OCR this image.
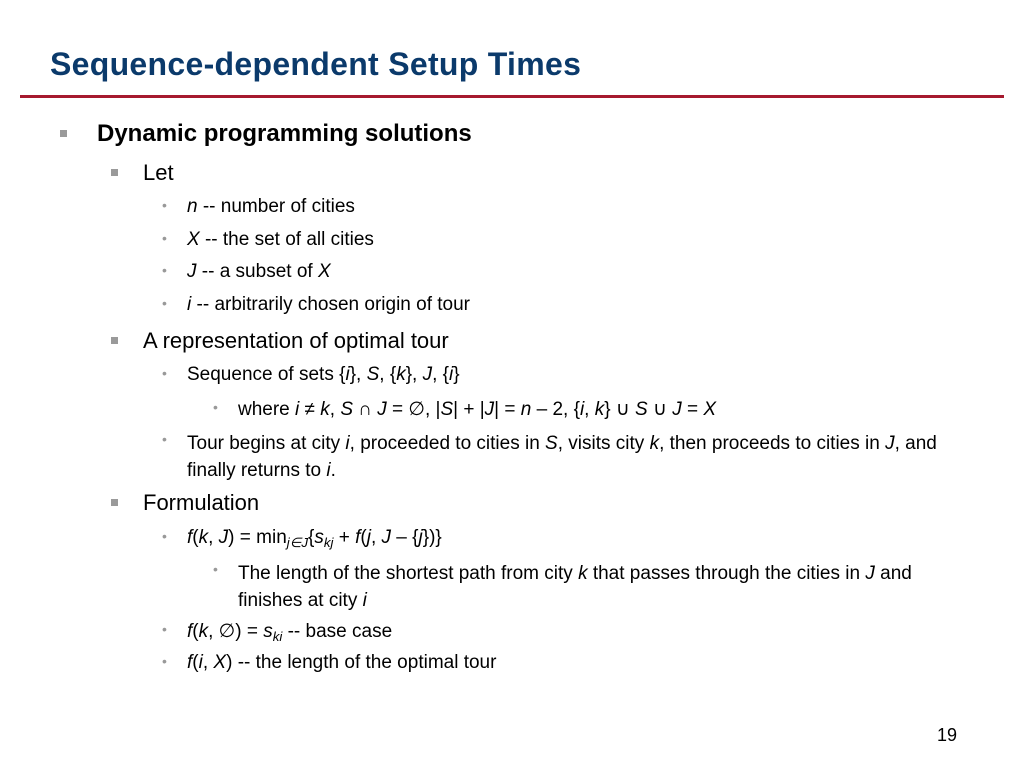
Sequence-dependent Setup Times
Dynamic programming solutions
Let
• n -- number of cities
• X -- the set of all cities
• J -- a subset of X
• i -- arbitrarily chosen origin of tour
A representation of optimal tour
• Sequence of sets {i}, S, {k}, J, {i}
• where i ≠ k, S ∩ J = ∅, |S| + |J| = n – 2, {i, k} ∪ S ∪ J = X
• Tour begins at city i, proceeded to cities in S, visits city k, then proceeds to cities in J, and finally returns to i.
Formulation
• f(k, $J) = \min_{j\in J}\{s_{kj} + f(j$, J – {j})}
• The length of the shortest path from city k that passes through the cities in J and finishes at city i
• f(k, ∅) = $s_{ki}$ -- base case
• f(i, X) -- the length of the optimal tour
19
